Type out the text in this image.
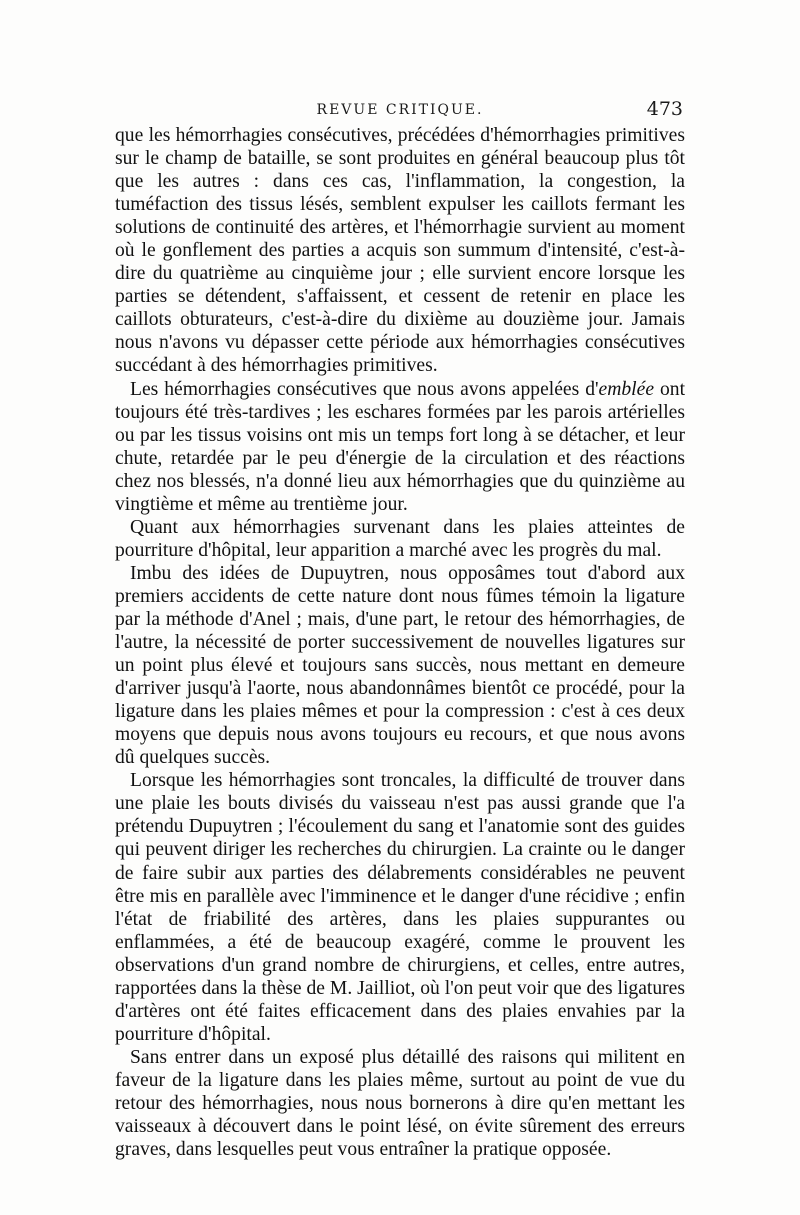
REVUE CRITIQUE.	473

que les hémorrhagies consécutives, précédées d'hémorrhagies primitives sur le champ de bataille, se sont produites en général beaucoup plus tôt que les autres : dans ces cas, l'inflammation, la congestion, la tuméfaction des tissus lésés, semblent expulser les caillots fermant les solutions de continuité des artères, et l'hémorrhagie survient au moment où le gonflement des parties a acquis son summum d'intensité, c'est-à-dire du quatrième au cinquième jour ; elle survient encore lorsque les parties se détendent, s'affaissent, et cessent de retenir en place les caillots obturateurs, c'est-à-dire du dixième au douzième jour. Jamais nous n'avons vu dépasser cette période aux hémorrhagies consécutives succédant à des hémorrhagies primitives.

Les hémorrhagies consécutives que nous avons appelées d'emblée ont toujours été très-tardives ; les eschares formées par les parois artérielles ou par les tissus voisins ont mis un temps fort long à se détacher, et leur chute, retardée par le peu d'énergie de la circulation et des réactions chez nos blessés, n'a donné lieu aux hémorrhagies que du quinzième au vingtième et même au trentième jour.

Quant aux hémorrhagies survenant dans les plaies atteintes de pourriture d'hôpital, leur apparition a marché avec les progrès du mal.

Imbu des idées de Dupuytren, nous opposâmes tout d'abord aux premiers accidents de cette nature dont nous fûmes témoin la ligature par la méthode d'Anel ; mais, d'une part, le retour des hémorrhagies, de l'autre, la nécessité de porter successivement de nouvelles ligatures sur un point plus élevé et toujours sans succès, nous mettant en demeure d'arriver jusqu'à l'aorte, nous abandonnâmes bientôt ce procédé, pour la ligature dans les plaies mêmes et pour la compression : c'est à ces deux moyens que depuis nous avons toujours eu recours, et que nous avons dû quelques succès.

Lorsque les hémorrhagies sont troncales, la difficulté de trouver dans une plaie les bouts divisés du vaisseau n'est pas aussi grande que l'a prétendu Dupuytren ; l'écoulement du sang et l'anatomie sont des guides qui peuvent diriger les recherches du chirurgien. La crainte ou le danger de faire subir aux parties des délabrements considérables ne peuvent être mis en parallèle avec l'imminence et le danger d'une récidive ; enfin l'état de friabilité des artères, dans les plaies suppurantes ou enflammées, a été de beaucoup exagéré, comme le prouvent les observations d'un grand nombre de chirurgiens, et celles, entre autres, rapportées dans la thèse de M. Jailliot, où l'on peut voir que des ligatures d'artères ont été faites efficacement dans des plaies envahies par la pourriture d'hôpital.

Sans entrer dans un exposé plus détaillé des raisons qui militent en faveur de la ligature dans les plaies même, surtout au point de vue du retour des hémorrhagies, nous nous bornerons à dire qu'en mettant les vaisseaux à découvert dans le point lésé, on évite sûrement des erreurs graves, dans lesquelles peut vous entraîner la pratique opposée.
